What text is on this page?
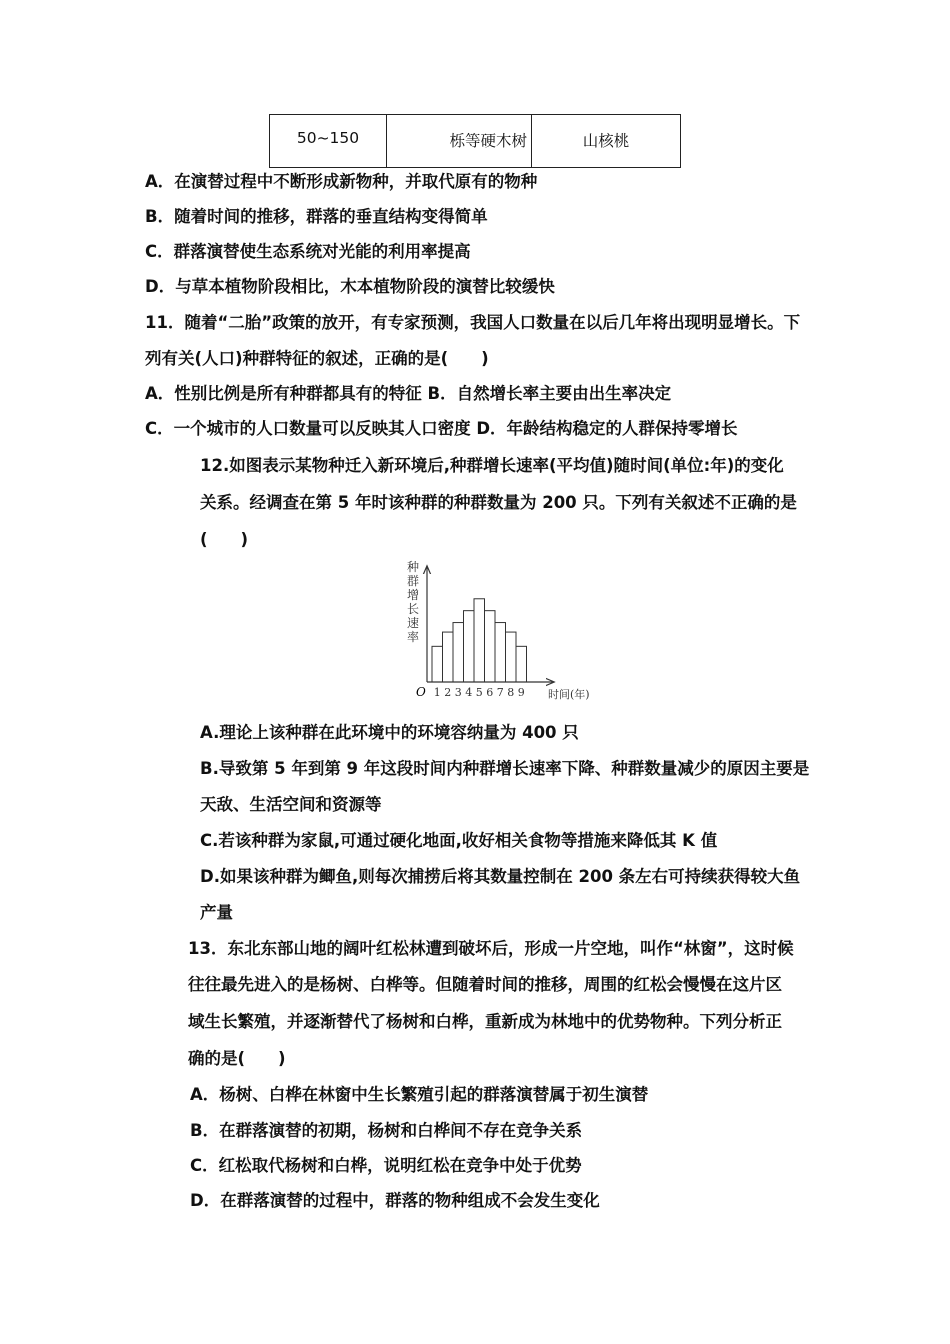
50~150	栎等硬木树	山核桃
A．在演替过程中不断形成新物种，并取代原有的物种
B．随着时间的推移，群落的垂直结构变得简单
C．群落演替使生态系统对光能的利用率提高
D．与草本植物阶段相比，木本植物阶段的演替比较缓快
11．随着“二胎”政策的放开，有专家预测，我国人口数量在以后几年将出现明显增长。下
列有关(人口)种群特征的叙述，正确的是(　　)
A．性别比例是所有种群都具有的特征 B．自然增长率主要由出生率决定
C．一个城市的人口数量可以反映其人口密度 D．年龄结构稳定的人群保持零增长
12.如图表示某物种迁入新环境后,种群增长速率(平均值)随时间(单位:年)的变化
关系。经调查在第 5 年时该种群的种群数量为 200 只。下列有关叙述不正确的是
(　　)
种
群
增
长
速
率
O 1 2 3 4 5 6 7 8 9 时间(年)
A.理论上该种群在此环境中的环境容纳量为 400 只
B.导致第 5 年到第 9 年这段时间内种群增长速率下降、种群数量减少的原因主要是
天敌、生活空间和资源等
C.若该种群为家鼠,可通过硬化地面,收好相关食物等措施来降低其 K 值
D.如果该种群为鲫鱼,则每次捕捞后将其数量控制在 200 条左右可持续获得较大鱼
产量
13．东北东部山地的阔叶红松林遭到破坏后，形成一片空地，叫作“林窗”，这时候
往往最先进入的是杨树、白桦等。但随着时间的推移，周围的红松会慢慢在这片区
域生长繁殖，并逐渐替代了杨树和白桦，重新成为林地中的优势物种。下列分析正
确的是(　　)
A．杨树、白桦在林窗中生长繁殖引起的群落演替属于初生演替
B．在群落演替的初期，杨树和白桦间不存在竞争关系
C．红松取代杨树和白桦，说明红松在竞争中处于优势
D．在群落演替的过程中，群落的物种组成不会发生变化
